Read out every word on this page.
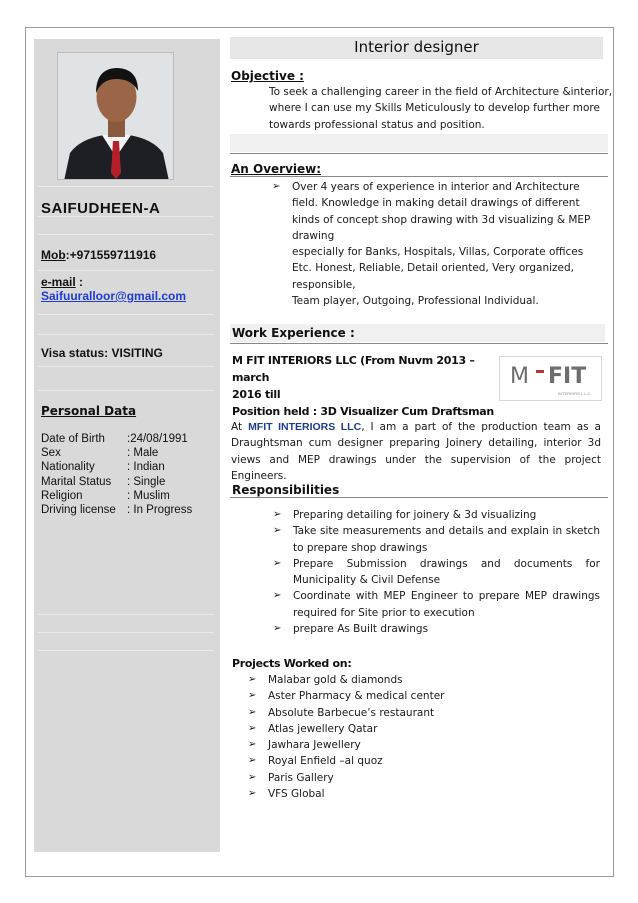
SAIFUDHEEN-A
Mob:+971559711916
e-mail :
Saifuuralloor@gmail.com
Visa status: VISITING
Personal Data
Date of Birth	:24/08/1991
Sex	: Male
Nationality	: Indian
Marital Status	: Single
Religion	: Muslim
Driving license	: In Progress
Interior designer
Objective :
To seek a challenging career in the field of Architecture &interior,
where I can use my Skills Meticulously to develop further more
towards professional status and position.
An Overview:
➢ Over 4 years of experience in interior and Architecture
field. Knowledge in making detail drawings of different
kinds of concept shop drawing with 3d visualizing & MEP
drawing
especially for Banks, Hospitals, Villas, Corporate offices
Etc. Honest, Reliable, Detail oriented, Very organized,
responsible,
Team player, Outgoing, Professional Individual.
Work Experience :
M FIT INTERIORS LLC (From Nuvm 2013 – march
2016 till
Position held : 3D Visualizer Cum Draftsman
M FIT
INTERIORS L.L.C
At MFIT INTERIORS LLC, I am a part of the production team as a Draughtsman cum designer preparing Joinery detailing, interior 3d views and MEP drawings under the supervision of the project Engineers.
Responsibilities
➢ Preparing detailing for joinery & 3d visualizing
➢ Take site measurements and details and explain in sketch to prepare shop drawings
➢ Prepare Submission drawings and documents for Municipality & Civil Defense
➢ Coordinate with MEP Engineer to prepare MEP drawings required for Site prior to execution
➢ prepare As Built drawings
Projects Worked on:
➢ Malabar gold & diamonds
➢ Aster Pharmacy & medical center
➢ Absolute Barbecue’s restaurant
➢ Atlas jewellery Qatar
➢ Jawhara Jewellery
➢ Royal Enfield –al quoz
➢ Paris Gallery
➢ VFS Global
